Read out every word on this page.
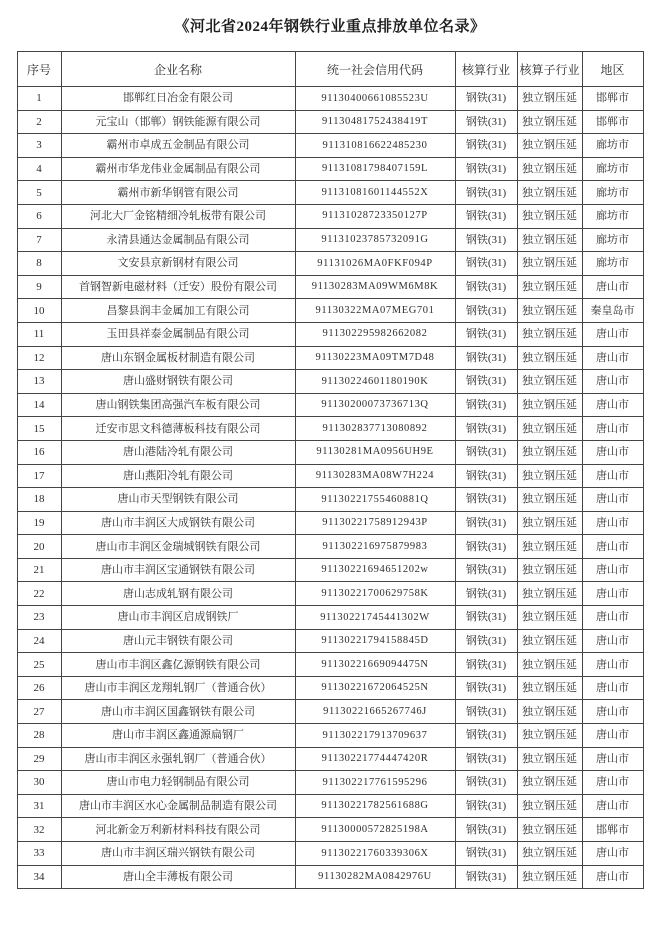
《河北省2024年钢铁行业重点排放单位名录》
序号	企业名称	统一社会信用代码	核算行业	核算子行业	地区
1	邯郸红日冶金有限公司	91130400661085523U	钢铁(31)	独立钢压延	邯郸市
2	元宝山（邯郸）钢铁能源有限公司	91130481752438419T	钢铁(31)	独立钢压延	邯郸市
3	霸州市卓成五金制品有限公司	911310816622485230	钢铁(31)	独立钢压延	廊坊市
4	霸州市华龙伟业金属制品有限公司	91131081798407159L	钢铁(31)	独立钢压延	廊坊市
5	霸州市新华钢管有限公司	91131081601144552X	钢铁(31)	独立钢压延	廊坊市
6	河北大厂金铭精细冷轧板带有限公司	91131028723350127P	钢铁(31)	独立钢压延	廊坊市
7	永清县通达金属制品有限公司	91131023785732091G	钢铁(31)	独立钢压延	廊坊市
8	文安县京新钢材有限公司	91131026MA0FKF094P	钢铁(31)	独立钢压延	廊坊市
9	首钢智新电磁材料（迁安）股份有限公司	91130283MA09WM6M8K	钢铁(31)	独立钢压延	唐山市
10	昌黎县润丰金属加工有限公司	91130322MA07MEG701	钢铁(31)	独立钢压延	秦皇岛市
11	玉田县祥泰金属制品有限公司	911302295982662082	钢铁(31)	独立钢压延	唐山市
12	唐山东钢金属板材制造有限公司	91130223MA09TM7D48	钢铁(31)	独立钢压延	唐山市
13	唐山盛财钢铁有限公司	91130224601180190K	钢铁(31)	独立钢压延	唐山市
14	唐山钢铁集团高强汽车板有限公司	91130200073736713Q	钢铁(31)	独立钢压延	唐山市
15	迁安市思文科德薄板科技有限公司	911302837713080892	钢铁(31)	独立钢压延	唐山市
16	唐山港陆冷轧有限公司	91130281MA0956UH9E	钢铁(31)	独立钢压延	唐山市
17	唐山燕阳冷轧有限公司	91130283MA08W7H224	钢铁(31)	独立钢压延	唐山市
18	唐山市天型钢铁有限公司	91130221755460881Q	钢铁(31)	独立钢压延	唐山市
19	唐山市丰润区大成钢铁有限公司	91130221758912943P	钢铁(31)	独立钢压延	唐山市
20	唐山市丰润区金瑞城钢铁有限公司	911302216975879983	钢铁(31)	独立钢压延	唐山市
21	唐山市丰润区宝通钢铁有限公司	91130221694651202w	钢铁(31)	独立钢压延	唐山市
22	唐山志成轧钢有限公司	91130221700629758K	钢铁(31)	独立钢压延	唐山市
23	唐山市丰润区启成钢铁厂	91130221745441302W	钢铁(31)	独立钢压延	唐山市
24	唐山元丰钢铁有限公司	91130221794158845D	钢铁(31)	独立钢压延	唐山市
25	唐山市丰润区鑫亿源钢铁有限公司	91130221669094475N	钢铁(31)	独立钢压延	唐山市
26	唐山市丰润区龙翔轧钢厂（普通合伙）	91130221672064525N	钢铁(31)	独立钢压延	唐山市
27	唐山市丰润区国鑫钢铁有限公司	91130221665267746J	钢铁(31)	独立钢压延	唐山市
28	唐山市丰润区鑫通源扁钢厂	911302217913709637	钢铁(31)	独立钢压延	唐山市
29	唐山市丰润区永强轧钢厂（普通合伙）	91130221774447420R	钢铁(31)	独立钢压延	唐山市
30	唐山市电力轻钢制品有限公司	911302217761595296	钢铁(31)	独立钢压延	唐山市
31	唐山市丰润区水心金属制品制造有限公司	91130221782561688G	钢铁(31)	独立钢压延	唐山市
32	河北新金万利新材料科技有限公司	91130000572825198A	钢铁(31)	独立钢压延	邯郸市
33	唐山市丰润区瑞兴钢铁有限公司	91130221760339306X	钢铁(31)	独立钢压延	唐山市
34	唐山全丰薄板有限公司	91130282MA0842976U	钢铁(31)	独立钢压延	唐山市
